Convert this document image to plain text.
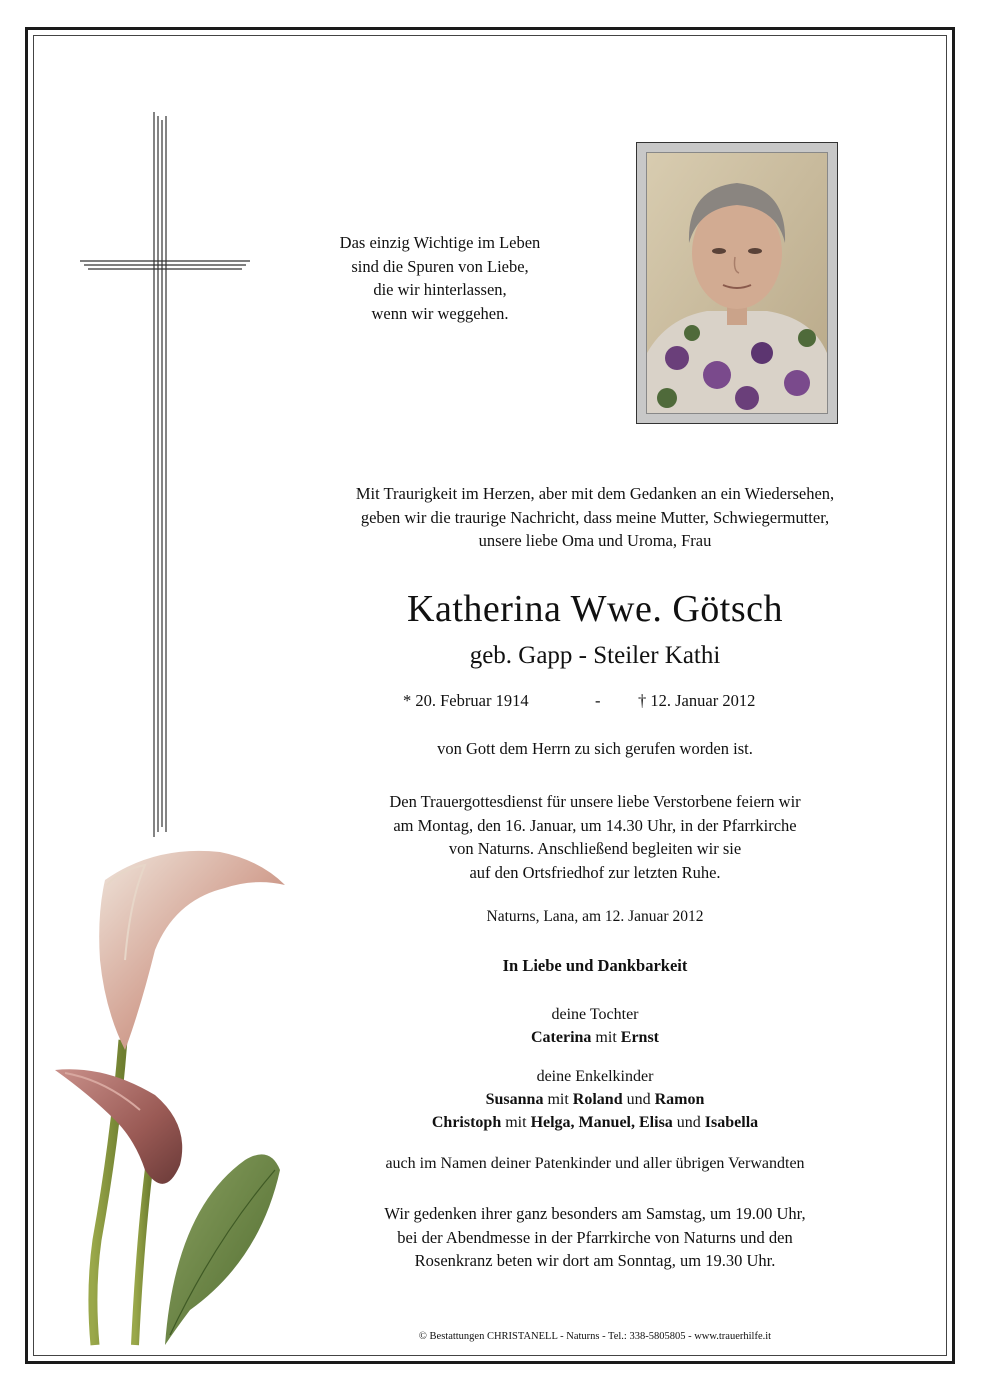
Das einzig Wichtige im Leben
sind die Spuren von Liebe,
die wir hinterlassen,
wenn wir weggehen.
Mit Traurigkeit im Herzen, aber mit dem Gedanken an ein Wiedersehen,
geben wir die traurige Nachricht, dass meine Mutter, Schwiegermutter,
unsere liebe Oma und Uroma, Frau
Katherina Wwe. Götsch
geb. Gapp - Steiler Kathi
* 20. Februar 1914	- † 12. Januar 2012
von Gott dem Herrn zu sich gerufen worden ist.
Den Trauergottesdienst für unsere liebe Verstorbene feiern wir
am Montag, den 16. Januar, um 14.30 Uhr, in der Pfarrkirche
von Naturns. Anschließend begleiten wir sie
auf den Ortsfriedhof zur letzten Ruhe.
Naturns, Lana, am 12. Januar 2012
In Liebe und Dankbarkeit
deine Tochter
Caterina mit Ernst
deine Enkelkinder
Susanna mit Roland und Ramon
Christoph mit Helga, Manuel, Elisa und Isabella
auch im Namen deiner Patenkinder und aller übrigen Verwandten
Wir gedenken ihrer ganz besonders am Samstag, um 19.00 Uhr,
bei der Abendmesse in der Pfarrkirche von Naturns und den
Rosenkranz beten wir dort am Sonntag, um 19.30 Uhr.
© Bestattungen CHRISTANELL - Naturns - Tel.: 338-5805805 - www.trauerhilfe.it
